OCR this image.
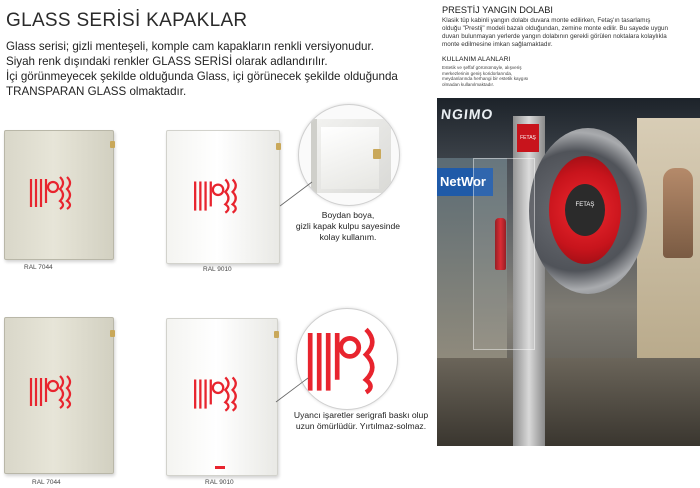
GLASS SERİSİ KAPAKLAR
Glass serisi; gizli menteşeli, komple cam kapakların renkli versiyonudur.
Siyah renk dışındaki renkler GLASS SERİSİ olarak adlandırılır.
İçi görünmeyecek şekilde olduğunda Glass, içi görünecek şekilde olduğunda
TRANSPARAN GLASS olmaktadır.
RAL 7044	RAL 9010
Boydan boya,
gizli kapak kulpu sayesinde
kolay kullanım.
RAL 7044	RAL 9010
Uyancı işaretler serigrafi baskı olup
uzun ömürlüdür. Yırtılmaz-solmaz.
PRESTİJ YANGIN DOLABI
Klasik tüp kabinli yangın dolabı duvara monte edilirken, Fetaş'ın tasarlamış
olduğu "Prestij" modeli bazalı olduğundan, zemine monte edilir. Bu sayede uygun
duvarı bulunmayan yerlerde yangın dolabının gerekli görülen noktalara kolaylıkla
monte edilmesine imkan sağlamaktadır.
KULLANIM ALANLARI
Estetik ve şeffaf görünümüyle, alışveriş
merkezlerinin geniş koridorlarında,
meydanlarında herhangi bir estetik kaygısı
olmadan kullanılmaktadır.
NGIMO
NetWor
FETAŞ
FETAŞ
